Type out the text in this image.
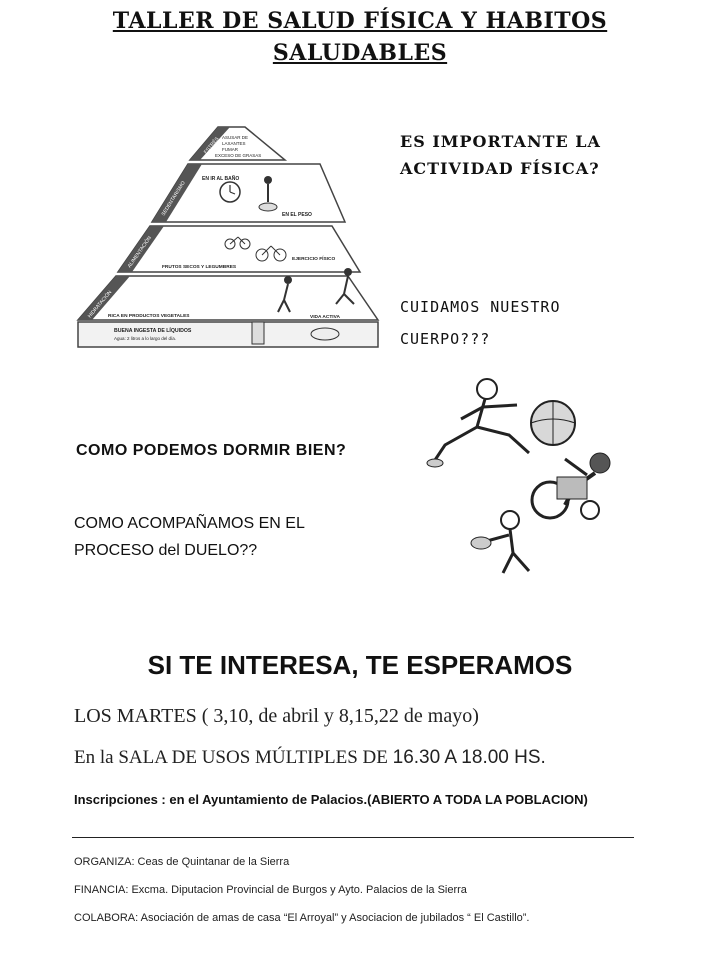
TALLER DE SALUD FÍSICA Y HABITOS
SALUDABLES
ESTRÉS
SEDENTARISMO
ALIMENTACIÓN
HIDRATACIÓN
ASUSAR DE
LAXANTES
FUMAR
EXCESO DE GRASAS
EN IR AL BAÑO
EN EL PESO
FRUTOS SECOS Y LEGUMBRES
EJERCICIO FÍSICO
RICA EN PRODUCTOS VEGETALES
BUENA INGESTA DE LÍQUIDOS
Agua: 2 litros a lo largo del día.
VIDA ACTIVA
ES IMPORTANTE LA
ACTIVIDAD FÍSICA?
CUIDAMOS NUESTRO
CUERPO???
COMO PODEMOS DORMIR BIEN?
COMO ACOMPAÑAMOS EN EL
PROCESO del DUELO??
SI TE INTERESA, TE ESPERAMOS
LOS MARTES ( 3,10, de abril y 8,15,22 de mayo)
En la SALA DE USOS MÚLTIPLES DE 16.30 A 18.00 HS.
Inscripciones : en el Ayuntamiento de Palacios.(ABIERTO A TODA LA POBLACION)
ORGANIZA: Ceas de Quintanar de la Sierra
FINANCIA: Excma. Diputacion Provincial de Burgos y Ayto. Palacios de la Sierra
COLABORA: Asociación de amas de casa “El Arroyal” y Asociacion de jubilados “ El Castillo”.
